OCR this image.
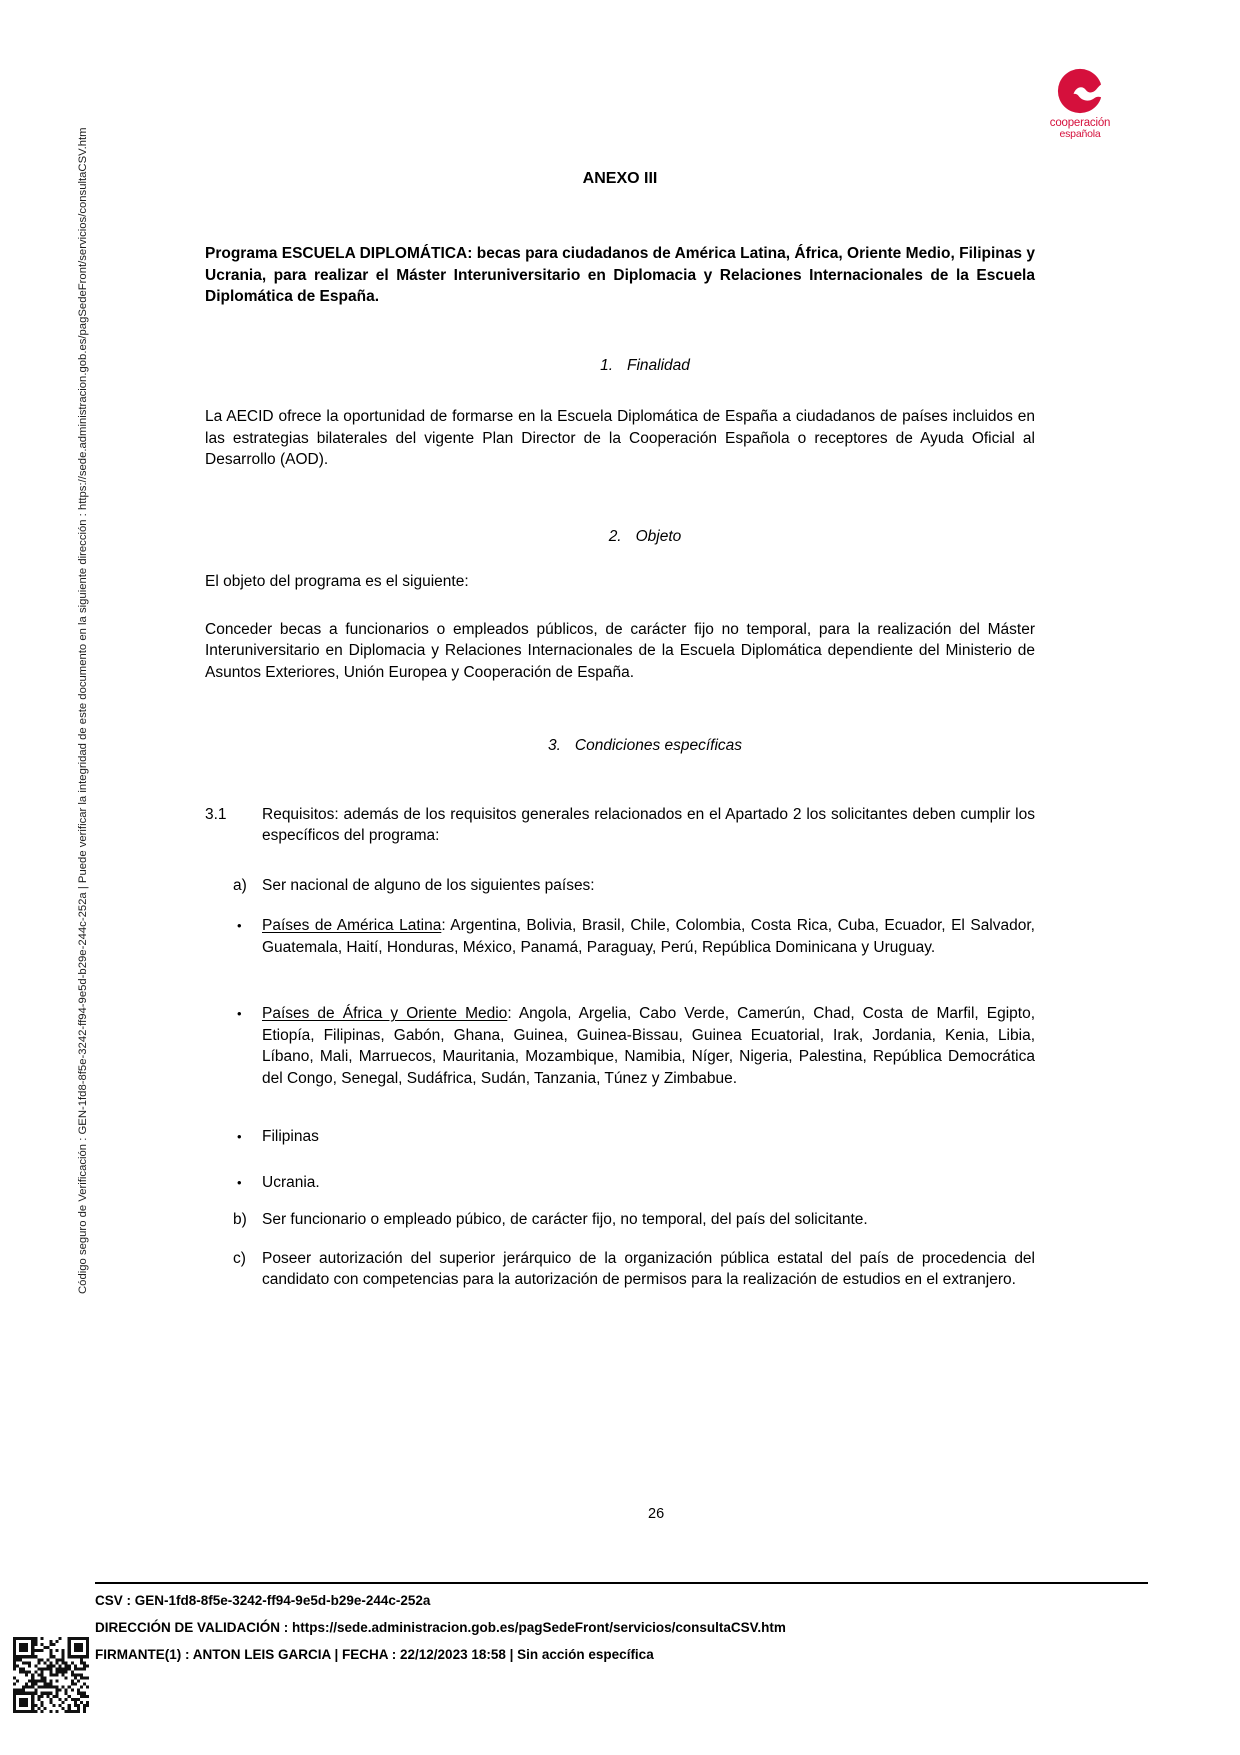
cooperación
española
Código seguro de Verificación : GEN-1fd8-8f5e-3242-ff94-9e5d-b29e-244c-252a | Puede verificar la integridad de este documento en la siguiente dirección : https://sede.administracion.gob.es/pagSedeFront/servicios/consultaCSV.htm	ANEXO III

Programa ESCUELA DIPLOMÁTICA: becas para ciudadanos de América Latina, África, Oriente Medio, Filipinas y Ucrania, para realizar el Máster Interuniversitario en Diplomacia y Relaciones Internacionales de la Escuela Diplomática de España.

1. Finalidad

La AECID ofrece la oportunidad de formarse en la Escuela Diplomática de España a ciudadanos de países incluidos en las estrategias bilaterales del vigente Plan Director de la Cooperación Española o receptores de Ayuda Oficial al Desarrollo (AOD).

2. Objeto

El objeto del programa es el siguiente:

Conceder becas a funcionarios o empleados públicos, de carácter fijo no temporal, para la realización del Máster Interuniversitario en Diplomacia y Relaciones Internacionales de la Escuela Diplomática dependiente del Ministerio de Asuntos Exteriores, Unión Europea y Cooperación de España.

3. Condiciones específicas
3.1	Requisitos: además de los requisitos generales relacionados en el Apartado 2 los solicitantes deben cumplir los específicos del programa:
a) Ser nacional de alguno de los siguientes países:
•	Países de América Latina: Argentina, Bolivia, Brasil, Chile, Colombia, Costa Rica, Cuba, Ecuador, El Salvador, Guatemala, Haití, Honduras, México, Panamá, Paraguay, Perú, República Dominicana y Uruguay.
•	Países de África y Oriente Medio: Angola, Argelia, Cabo Verde, Camerún, Chad, Costa de Marfil, Egipto, Etiopía, Filipinas, Gabón, Ghana, Guinea, Guinea-Bissau, Guinea Ecuatorial, Irak, Jordania, Kenia, Libia, Líbano, Mali, Marruecos, Mauritania, Mozambique, Namibia, Níger, Nigeria, Palestina, República Democrática del Congo, Senegal, Sudáfrica, Sudán, Tanzania, Túnez y Zimbabue.
•	Filipinas
•	Ucrania.
b) Ser funcionario o empleado púbico, de carácter fijo, no temporal, del país del solicitante.
c)	Poseer autorización del superior jerárquico de la organización pública estatal del país de procedencia del candidato con competencias para la autorización de permisos para la realización de estudios en el extranjero.
26
CSV : GEN-1fd8-8f5e-3242-ff94-9e5d-b29e-244c-252a
DIRECCIÓN DE VALIDACIÓN : https://sede.administracion.gob.es/pagSedeFront/servicios/consultaCSV.htm
FIRMANTE(1) : ANTON LEIS GARCIA | FECHA : 22/12/2023 18:58 | Sin acción específica
